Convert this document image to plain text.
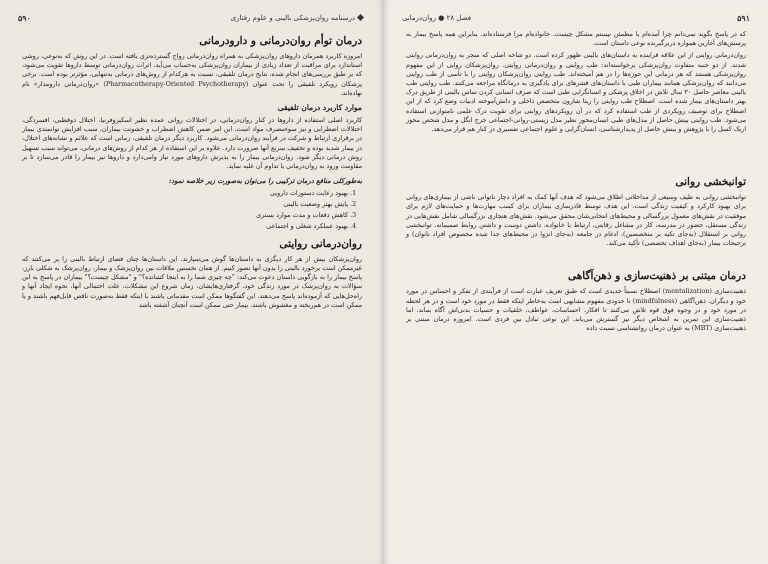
درسنامه روان‌پزشکی بالینی و علوم رفتاری
۵۹۰
درمان توأم روان‌درمانی و دارودرمانی

امروزه کاربرد همزمان داروهای روان‌پزشکی به همراه روان‌درمانی رواج گسترده‌تری یافته است. در این روش که به‌نوعی، روشی استاندارد برای مراقبت از تعداد زیادی از بیماران روان‌پزشکی به‌حساب می‌آید، اثرات روان‌درمانی توسط داروها تقویت می‌شود، که بر طبق بررسی‌های انجام شده، نتایج درمان تلفیقی، نسبت به هرکدام از روش‌های درمانی به‌تنهایی، مؤثرتر بوده است. برخی پزشکان رویکرد تلفیقی را تحت عنوان (Pharmacotherapy-Oriented Psychotherapy) «روان‌درمانی دارومدار» نام نهاده‌اند.

موارد کاربرد درمان تلفیقی

کاربرد اصلی استفاده از داروها در کنار روان‌درمانی، در اختلالات روانی عمده نظیر اسکیزوفرنیا، اختلال دوقطبی، افسردگی، اختلالات اضطرابی و نیز سوءمصرف مواد است. این امر ضمن کاهش اضطراب و خشونت بیماران، سبب افزایش توانمندی بیمار در برقراری ارتباط و شرکت در فرآیند روان‌درمانی می‌شود. کاربرد دیگر درمان تلفیقی، زمانی است که علائم و نشانه‌های اختلال، در بیمار شدید بوده و تخفیف سریع آنها ضرورت دارد. علاوه بر این استفاده از هر کدام از روش‌های درمانی، می‌تواند سبب تسهیل روش درمانی دیگر شود. روان‌درمانی بیمار را به پذیرش داروهای مورد نیاز وامی‌دارد و داروها نیز بیمار را قادر می‌سازد تا بر مقاومت ورود به روان‌درمانی یا تداوم آن غلبه نماید.

به‌طورکلی منافع درمان ترکیبی را می‌توان به‌صورت زیر خلاصه نمود:
1. بهبود رعایت دستورات دارویی
2. پایش بهتر وضعیت بالینی
3. کاهش دفعات و مدت موارد بستری
4. بهبود عملکرد شغلی و اجتماعی
روان‌درمانی روایتی

روان‌پزشکان بیش از هر کار دیگری به داستان‌ها گوش می‌سپارند. این داستان‌ها چنان فضای ارتباط بالینی را پر می‌کنند که غیرممکن است برخورد بالینی را بدون آنها تصور کنیم. از همان نخستین ملاقات بین روان‌پزشک و بیمار، روان‌پزشک به شکلی بارز، پاسخ بیمار را به بازگویی داستان دعوت می‌کند: "چه چیزی شما را به اینجا کشانده؟" و "مشکل چیست؟" بیماران در پاسخ به این سؤالات به روان‌پزشک در مورد زندگی خود، گرفتاری‌هایشان، زمان شروع این مشکلات، علت احتمالی آنها، نحوه ایجاد آنها و راه‌حل‌هایی که آزموده‌اند پاسخ می‌دهند. این گفتگوها ممکن است مقدماتی باشند یا اینکه فقط به‌صورت ناقص قابل‌فهم باشند و یا ممکن است در هم‌ریخته و مغشوش باشند. بیمار حتی ممکن است آنچنان آشفته باشد

۵۹۱
فصل ۲۸ ● روان‌درمانی

که در پاسخ بگوید نمی‌دانم چرا آمده‌ام یا مطمئن نیستم مشکل چیست. خانواده‌ام مرا فرستاده‌اند. بنابراین همه پاسخ بیمار به پرسش‌های آغازین همواره دربرگیرنده نوعی داستان است.

روان‌درمانی روایتی از این علاقه فزاینده به داستان‌های بالینی ظهور کرده است. دو شاخه اصلی که منجر به روان‌درمانی روایتی شدند. از دو جنبه متفاوت روان‌پزشکی برخواسته‌اند: طب روایتی و روان‌درمانی روایتی. روان‌پزشکان روایی از این مفهوم روان‌پزشکی هستند که هر درمانی این حوزه‌ها را در هم آمیخته‌اند. طب روایتی روان‌پزشکان روایتی را با تأسی از طب روایتی می‌دانند که روان‌پزشکی همانند بیماران طبی با داستان‌های قشرهای برای یادگیری به درمانگاه مراجعه می‌کنند. طب روایتی طب بالینی معاصر حاصل ۳۰ سال تلاش در اخلاق پزشکی و انسانگرایی طبی است که صرف انسانی کردن تماس بالینی از طریق درک بهتر داستان‌های بیمار شده است. اصطلاح طب روایتی را ریتا شارون متخصص داخلی و دانش‌آموخته ادبیات وضع کرد که از این اصطلاح برای توصیف رویکردی از طب استفاده کرد که در آن رویکردهای روایتی برای تقویت درک علمی نامتوازنی استفاده می‌شود. طب روایتی بینش حاصل از مدل‌های طبی انسان‌محور نظیر مدل زیستی-روانی-اجتماعی جرج انگل و مدل شخص محور اریک کسل را با پژوهش و بینش حاصل از پدیدارشناسی، انسان‌گرایی و علوم اجتماعی تفسیری در کنار هم قرار می‌دهد.

توانبخشی روانی

توانبخشی روانی به طیف وسیعی از مداخلاتی اطلاق می‌شود که هدف آنها کمک به افراد دچار ناتوانی ناشی از بیماری‌های روانی برای بهبود کارکرد و کیفیت زندگی است. این هدف توسط قادرسازی بیماران برای کسب مهارت‌ها و حمایت‌های لازم برای موفقیت در نقش‌های معمول بزرگسالی و محیط‌های انتخابی‌شان محقق می‌شود. نقش‌های هنجاری بزرگسالی شامل نقش‌هایی در زندگی مستقل، حضور در مدرسه، کار در مشاغل رقابتی، ارتباط با خانواده، داشتن دوست و داشتن روابط صمیمانه. توانبخشی روانی بر استقلال (به‌جای تکیه بر متخصصین)، ادغام در جامعه (به‌جای انزوا در محیط‌های جدا شده مخصوص افراد ناتوان) و ترجیحات بیمار (به‌جای اهداف تخصصی) تأکید می‌کند.

درمان مبتنی بر ذهنیت‌سازی و ذهن‌آگاهی

ذهنیت‌سازی (mentalization) اصطلاح نسبتاً جدیدی است که طبق تعریف عبارت است از فرآیندی از تفکر و احساس در مورد خود و دیگران. ذهن‌آگاهی (mindfulness) تا حدودی مفهوم مشابهی است به‌خاطر اینکه فقط در مورد خود است و در هر لحظه در مورد خود و در وجوه فوق قوه تلاش می‌کنند تا افکار، احساسات، عواطف، خلقیات و حسیات بدنی‌اش آگاه بماند. اما ذهنیت‌سازی این تمرین به اشخاص دیگر نیز گسترش می‌یابد. این نوعی تبادل بین فردی است. امروزه درمان مبتنی بر ذهنیت‌سازی (MBT) به عنوان درمان روانشناسی نسبت داده
